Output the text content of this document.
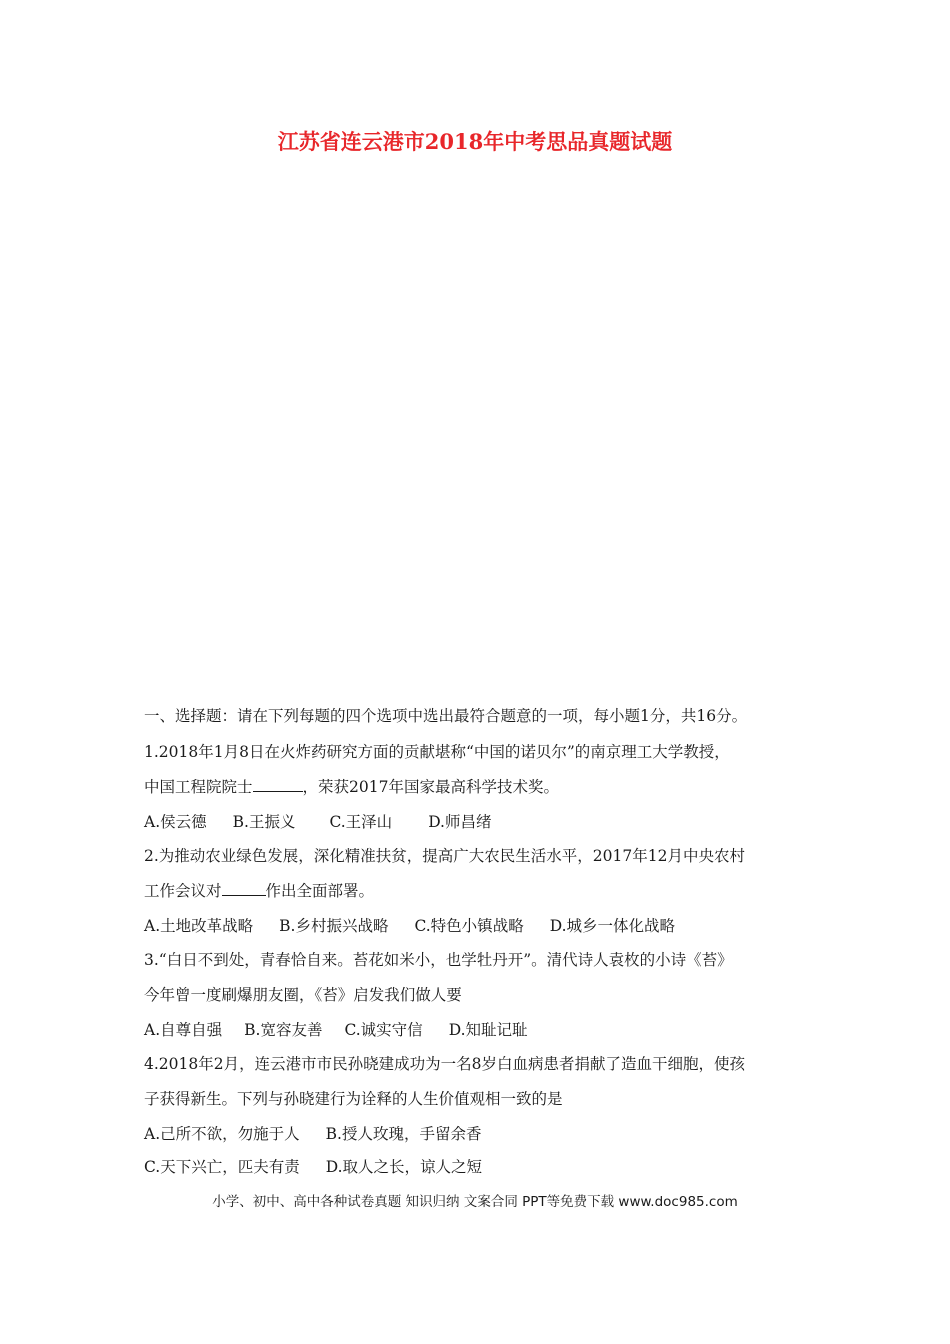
江苏省连云港市2018年中考思品真题试题
一、选择题：请在下列每题的四个选项中选出最符合题意的一项，每小题1分，共16分。
1.2018年1月8日在火炸药研究方面的贡献堪称“中国的诺贝尔”的南京理工大学教授，
中国工程院院士	，荣获2017年国家最高科学技术奖。
A.侯云德 B.王振义 C.王泽山 D.师昌绪
2.为推动农业绿色发展，深化精准扶贫，提高广大农民生活水平，2017年12月中央农村
工作会议对	作出全面部署。
A.土地改革战略 B.乡村振兴战略 C.特色小镇战略 D.城乡一体化战略
3.“白日不到处，青春恰自来。苔花如米小，也学牡丹开”。清代诗人袁枚的小诗《苔》
今年曾一度刷爆朋友圈，《苔》启发我们做人要
A.自尊自强 B.宽容友善 C.诚实守信 D.知耻记耻
4.2018年2月，连云港市市民孙晓建成功为一名8岁白血病患者捐献了造血干细胞，使孩
子获得新生。下列与孙晓建行为诠释的人生价值观相一致的是
A.己所不欲，勿施于人 B.授人玫瑰，手留余香
C.天下兴亡，匹夫有责 D.取人之长，谅人之短
小学、初中、高中各种试卷真题 知识归纳 文案合同 PPT等免费下载 www.doc985.com
